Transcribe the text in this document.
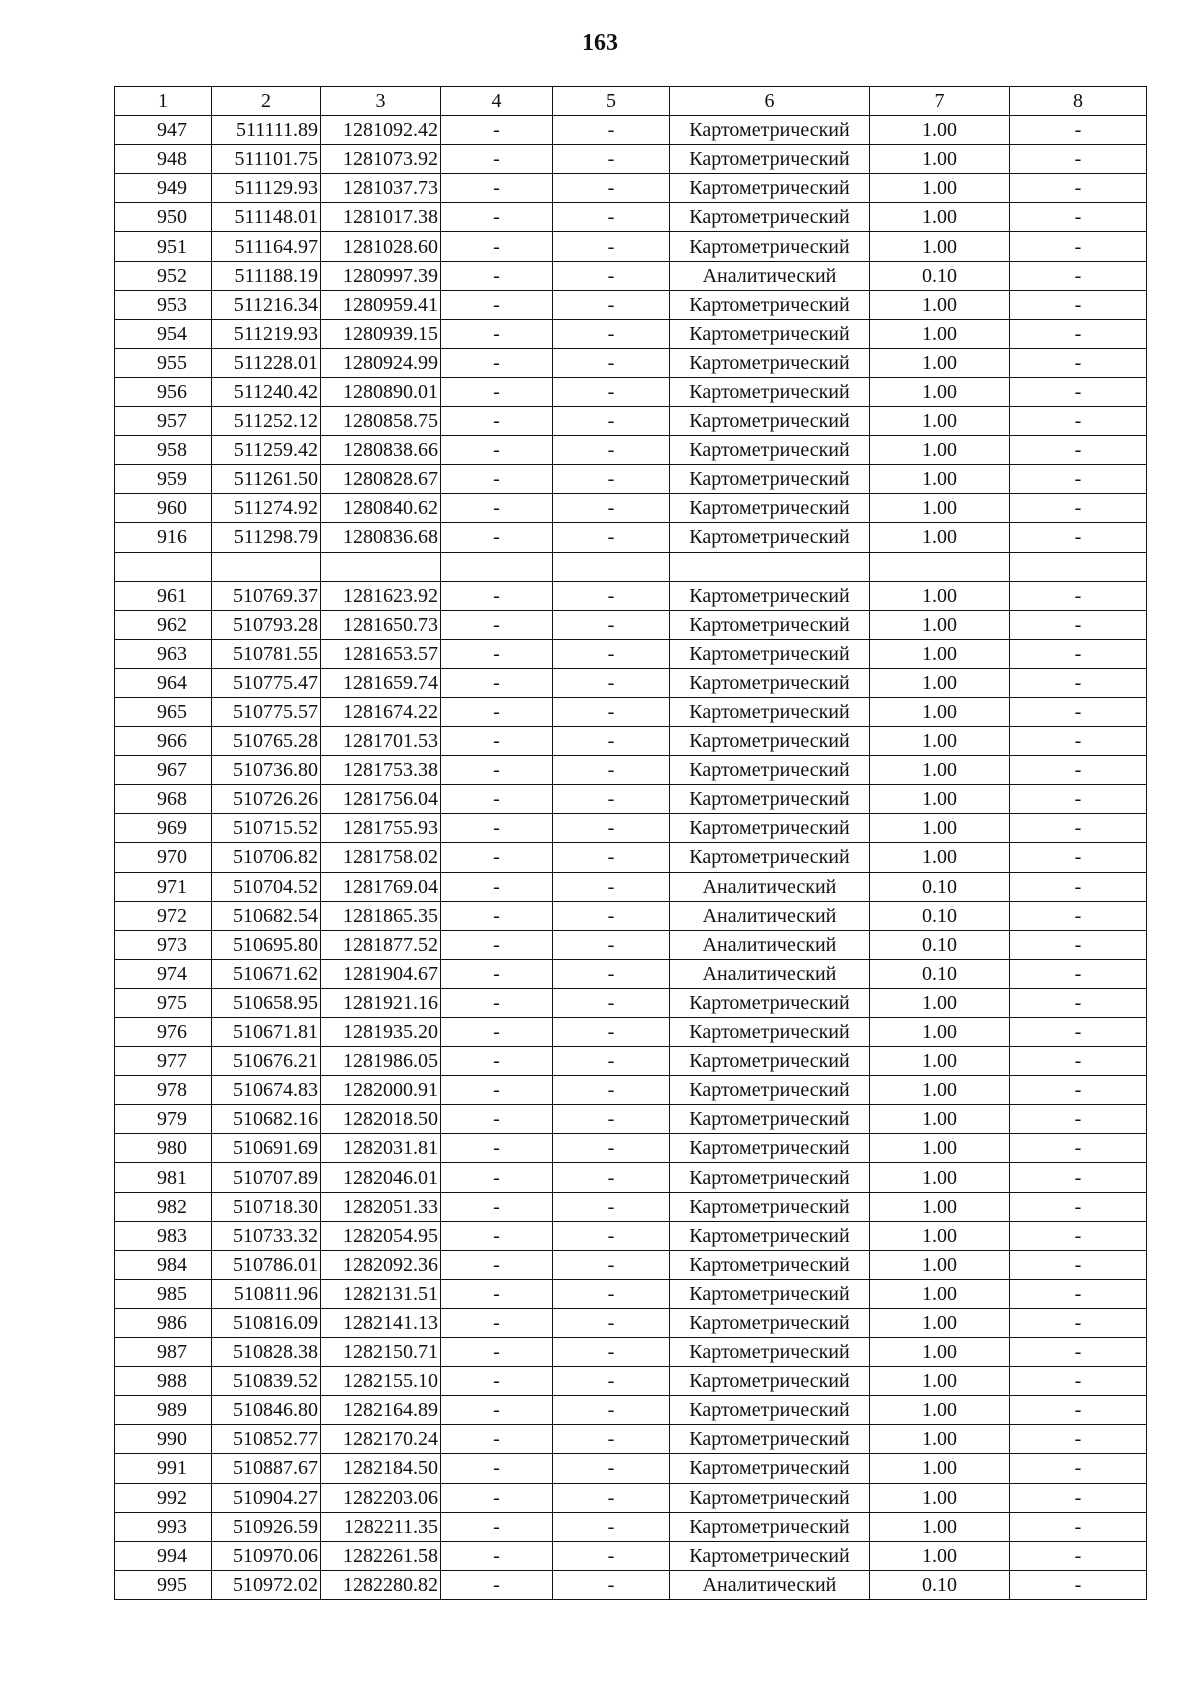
163
1	2	3	4	5	6	7	8
947	511111.89	1281092.42	-	-	Картометрический	1.00	-
948	511101.75	1281073.92	-	-	Картометрический	1.00	-
949	511129.93	1281037.73	-	-	Картометрический	1.00	-
950	511148.01	1281017.38	-	-	Картометрический	1.00	-
951	511164.97	1281028.60	-	-	Картометрический	1.00	-
952	511188.19	1280997.39	-	-	Аналитический	0.10	-
953	511216.34	1280959.41	-	-	Картометрический	1.00	-
954	511219.93	1280939.15	-	-	Картометрический	1.00	-
955	511228.01	1280924.99	-	-	Картометрический	1.00	-
956	511240.42	1280890.01	-	-	Картометрический	1.00	-
957	511252.12	1280858.75	-	-	Картометрический	1.00	-
958	511259.42	1280838.66	-	-	Картометрический	1.00	-
959	511261.50	1280828.67	-	-	Картометрический	1.00	-
960	511274.92	1280840.62	-	-	Картометрический	1.00	-
916	511298.79	1280836.68	-	-	Картометрический	1.00	-

961	510769.37	1281623.92	-	-	Картометрический	1.00	-
962	510793.28	1281650.73	-	-	Картометрический	1.00	-
963	510781.55	1281653.57	-	-	Картометрический	1.00	-
964	510775.47	1281659.74	-	-	Картометрический	1.00	-
965	510775.57	1281674.22	-	-	Картометрический	1.00	-
966	510765.28	1281701.53	-	-	Картометрический	1.00	-
967	510736.80	1281753.38	-	-	Картометрический	1.00	-
968	510726.26	1281756.04	-	-	Картометрический	1.00	-
969	510715.52	1281755.93	-	-	Картометрический	1.00	-
970	510706.82	1281758.02	-	-	Картометрический	1.00	-
971	510704.52	1281769.04	-	-	Аналитический	0.10	-
972	510682.54	1281865.35	-	-	Аналитический	0.10	-
973	510695.80	1281877.52	-	-	Аналитический	0.10	-
974	510671.62	1281904.67	-	-	Аналитический	0.10	-
975	510658.95	1281921.16	-	-	Картометрический	1.00	-
976	510671.81	1281935.20	-	-	Картометрический	1.00	-
977	510676.21	1281986.05	-	-	Картометрический	1.00	-
978	510674.83	1282000.91	-	-	Картометрический	1.00	-
979	510682.16	1282018.50	-	-	Картометрический	1.00	-
980	510691.69	1282031.81	-	-	Картометрический	1.00	-
981	510707.89	1282046.01	-	-	Картометрический	1.00	-
982	510718.30	1282051.33	-	-	Картометрический	1.00	-
983	510733.32	1282054.95	-	-	Картометрический	1.00	-
984	510786.01	1282092.36	-	-	Картометрический	1.00	-
985	510811.96	1282131.51	-	-	Картометрический	1.00	-
986	510816.09	1282141.13	-	-	Картометрический	1.00	-
987	510828.38	1282150.71	-	-	Картометрический	1.00	-
988	510839.52	1282155.10	-	-	Картометрический	1.00	-
989	510846.80	1282164.89	-	-	Картометрический	1.00	-
990	510852.77	1282170.24	-	-	Картометрический	1.00	-
991	510887.67	1282184.50	-	-	Картометрический	1.00	-
992	510904.27	1282203.06	-	-	Картометрический	1.00	-
993	510926.59	1282211.35	-	-	Картометрический	1.00	-
994	510970.06	1282261.58	-	-	Картометрический	1.00	-
995	510972.02	1282280.82	-	-	Аналитический	0.10	-
